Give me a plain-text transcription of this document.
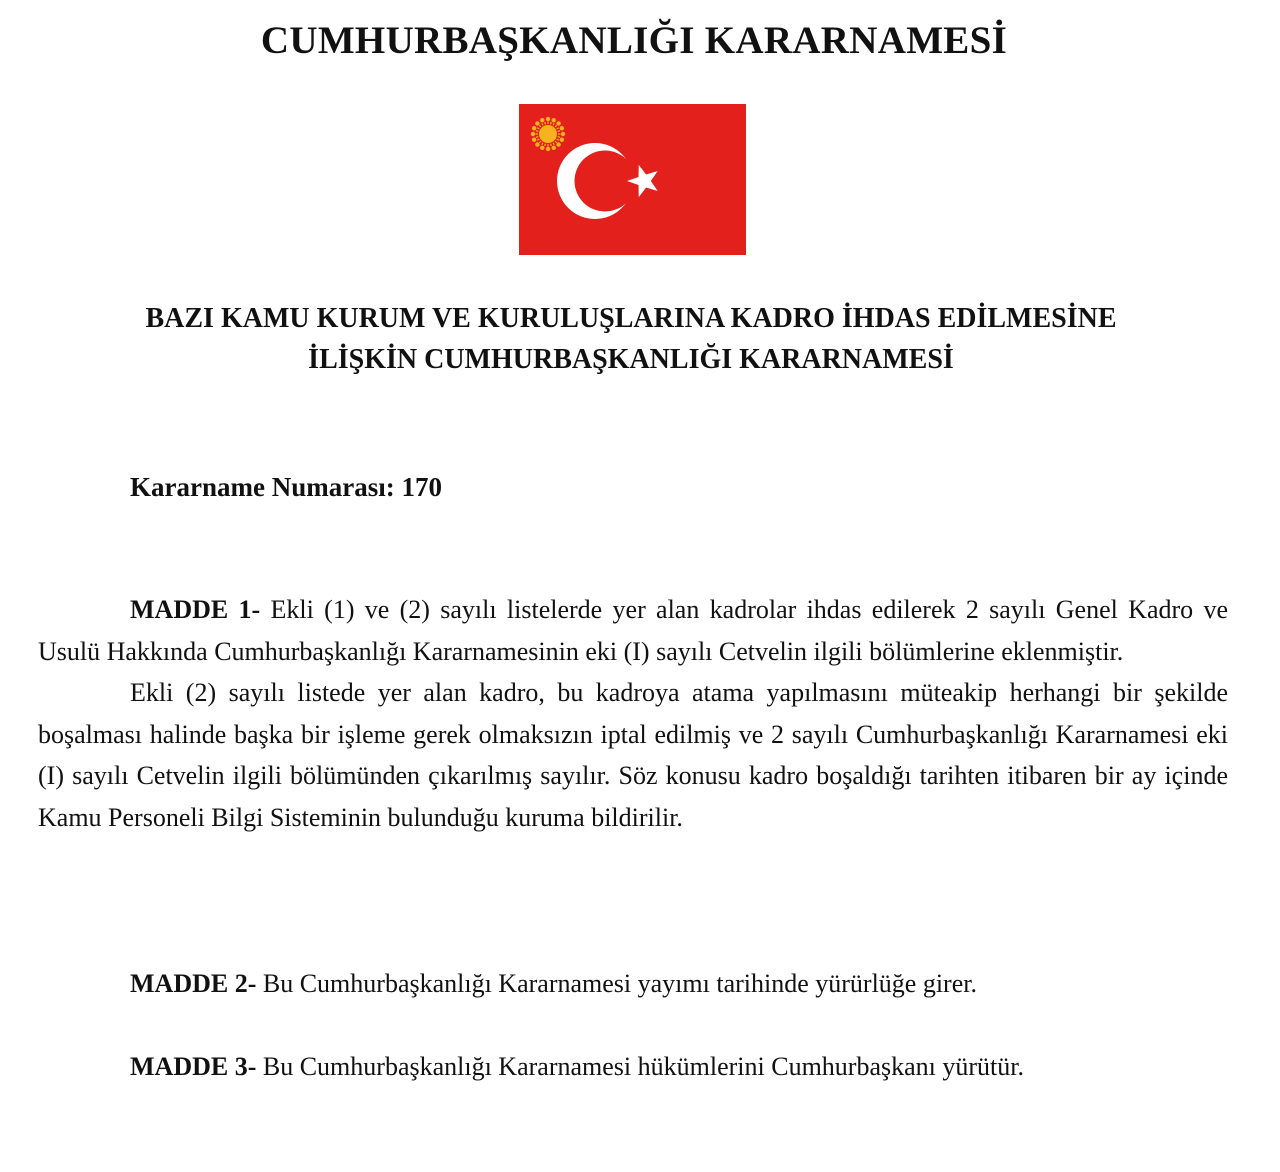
CUMHURBAŞKANLIĞI KARARNAMESİ
BAZI KAMU KURUM VE KURULUŞLARINA KADRO İHDAS EDİLMESİNE
İLİŞKİN CUMHURBAŞKANLIĞI KARARNAMESİ

Kararname Numarası: 170

MADDE 1- Ekli (1) ve (2) sayılı listelerde yer alan kadrolar ihdas edilerek 2 sayılı Genel Kadro ve Usulü Hakkında Cumhurbaşkanlığı Kararnamesinin eki (I) sayılı Cetvelin ilgili bölümlerine eklenmiştir.

Ekli (2) sayılı listede yer alan kadro, bu kadroya atama yapılmasını müteakip herhangi bir şekilde boşalması halinde başka bir işleme gerek olmaksızın iptal edilmiş ve 2 sayılı Cumhurbaşkanlığı Kararnamesi eki (I) sayılı Cetvelin ilgili bölümünden çıkarılmış sayılır. Söz konusu kadro boşaldığı tarihten itibaren bir ay içinde Kamu Personeli Bilgi Sisteminin bulunduğu kuruma bildirilir.

MADDE 2- Bu Cumhurbaşkanlığı Kararnamesi yayımı tarihinde yürürlüğe girer.

MADDE 3- Bu Cumhurbaşkanlığı Kararnamesi hükümlerini Cumhurbaşkanı yürütür.
